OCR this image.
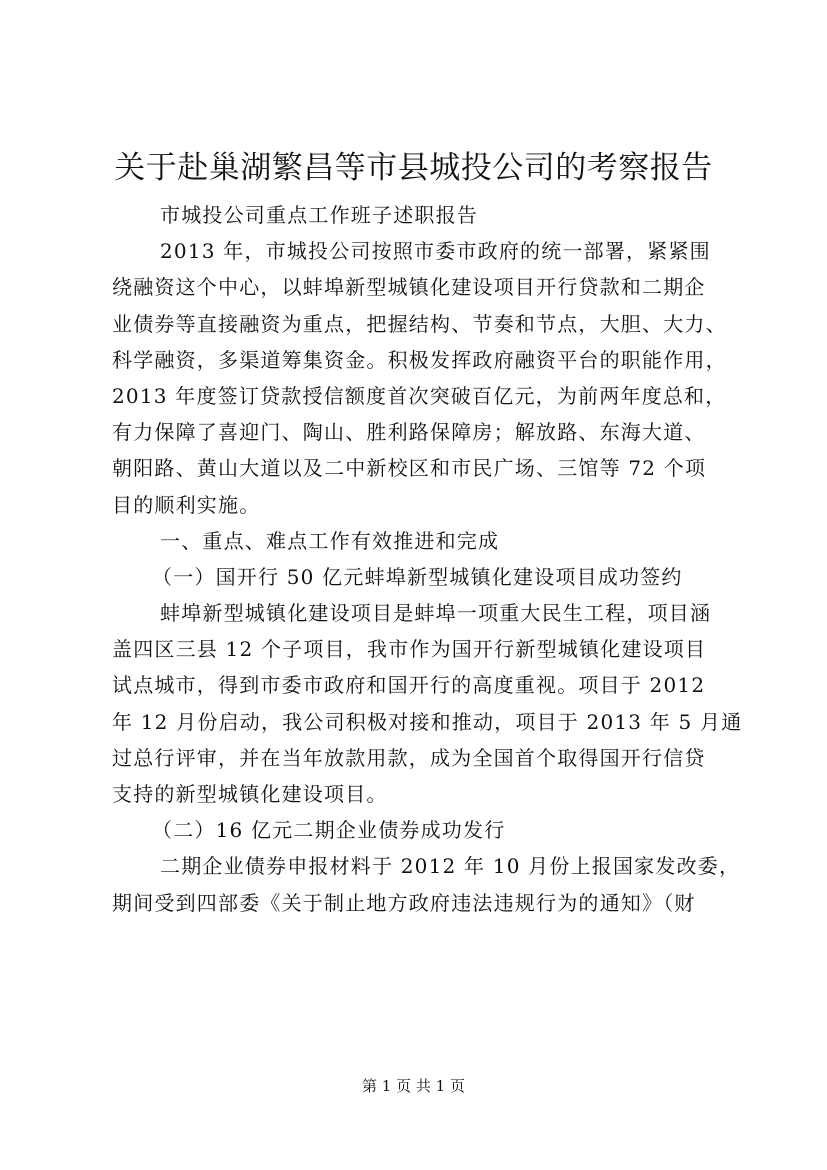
关于赴巢湖繁昌等市县城投公司的考察报告
市城投公司重点工作班子述职报告
2013 年，市城投公司按照市委市政府的统一部署，紧紧围
绕融资这个中心，以蚌埠新型城镇化建设项目开行贷款和二期企
业债券等直接融资为重点，把握结构、节奏和节点，大胆、大力、
科学融资，多渠道筹集资金。积极发挥政府融资平台的职能作用，
2013 年度签订贷款授信额度首次突破百亿元，为前两年度总和，
有力保障了喜迎门、陶山、胜利路保障房；解放路、东海大道、
朝阳路、黄山大道以及二中新校区和市民广场、三馆等 72 个项
目的顺利实施。
一、重点、难点工作有效推进和完成
（一）国开行 50 亿元蚌埠新型城镇化建设项目成功签约
蚌埠新型城镇化建设项目是蚌埠一项重大民生工程，项目涵
盖四区三县 12 个子项目，我市作为国开行新型城镇化建设项目
试点城市，得到市委市政府和国开行的高度重视。项目于 2012
年 12 月份启动，我公司积极对接和推动，项目于 2013 年 5 月通
过总行评审，并在当年放款用款，成为全国首个取得国开行信贷
支持的新型城镇化建设项目。
（二）16 亿元二期企业债券成功发行
二期企业债券申报材料于 2012 年 10 月份上报国家发改委，
期间受到四部委《关于制止地方政府违法违规行为的通知》（财
第 1 页 共 1 页
